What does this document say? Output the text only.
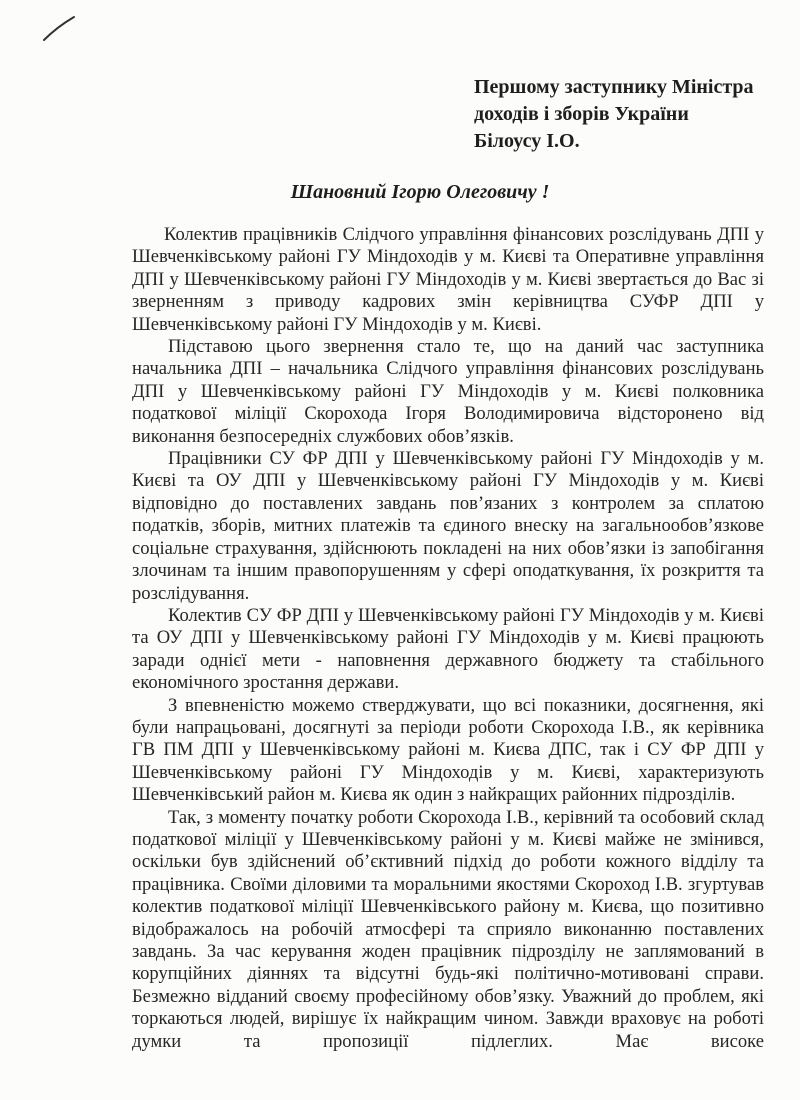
Першому заступнику Міністра
доходів і зборів України
Білоусу І.О.
Шановний Ігорю Олеговичу !

Колектив працівників Слідчого управління фінансових розслідувань ДПІ у Шевченківському районі ГУ Міндоходів у м. Києві та Оперативне управління ДПІ у Шевченківському районі ГУ Міндоходів у м. Києві звертається до Вас зі зверненням з приводу кадрових змін керівництва СУФР ДПІ у Шевченківському районі ГУ Міндоходів у м. Києві.

Підставою цього звернення стало те, що на даний час заступника начальника ДПІ – начальника Слідчого управління фінансових розслідувань ДПІ у Шевченківському районі ГУ Міндоходів у м. Києві полковника податкової міліції Скорохода Ігоря Володимировича відсторонено від виконання безпосередніх службових обов’язків.

Працівники СУ ФР ДПІ у Шевченківському районі ГУ Міндоходів у м. Києві та ОУ ДПІ у Шевченківському районі ГУ Міндоходів у м. Києві відповідно до поставлених завдань пов’язаних з контролем за сплатою податків, зборів, митних платежів та єдиного внеску на загальнообов’язкове соціальне страхування, здійснюють покладені на них обов’язки із запобігання злочинам та іншим правопорушенням у сфері оподаткування, їх розкриття та розслідування.

Колектив СУ ФР ДПІ у Шевченківському районі ГУ Міндоходів у м. Києві та ОУ ДПІ у Шевченківському районі ГУ Міндоходів у м. Києві працюють заради однієї мети - наповнення державного бюджету та стабільного економічного зростання держави.

З впевненістю можемо стверджувати, що всі показники, досягнення, які були напрацьовані, досягнуті за періоди роботи Скорохода І.В., як керівника ГВ ПМ ДПІ у Шевченківському районі м. Києва ДПС, так і СУ ФР ДПІ у Шевченківському районі ГУ Міндоходів у м. Києві, характеризують Шевченківський район м. Києва як один з найкращих районних підрозділів.

Так, з моменту початку роботи Скорохода І.В., керівний та особовий склад податкової міліції у Шевченківському районі у м. Києві майже не змінився, оскільки був здійснений об’єктивний підхід до роботи кожного відділу та працівника. Своїми діловими та моральними якостями Скороход І.В. згуртував колектив податкової міліції Шевченківського району м. Києва, що позитивно відображалось на робочій атмосфері та сприяло виконанню поставлених завдань. За час керування жоден працівник підрозділу не заплямований в корупційних діяннях та відсутні будь-які політично-мотивовані справи. Безмежно відданий своєму професійному обов’язку. Уважний до проблем, які торкаються людей, вирішує їх найкращим чином. Завжди враховує на роботі думки та пропозиції підлеглих. Має високе
